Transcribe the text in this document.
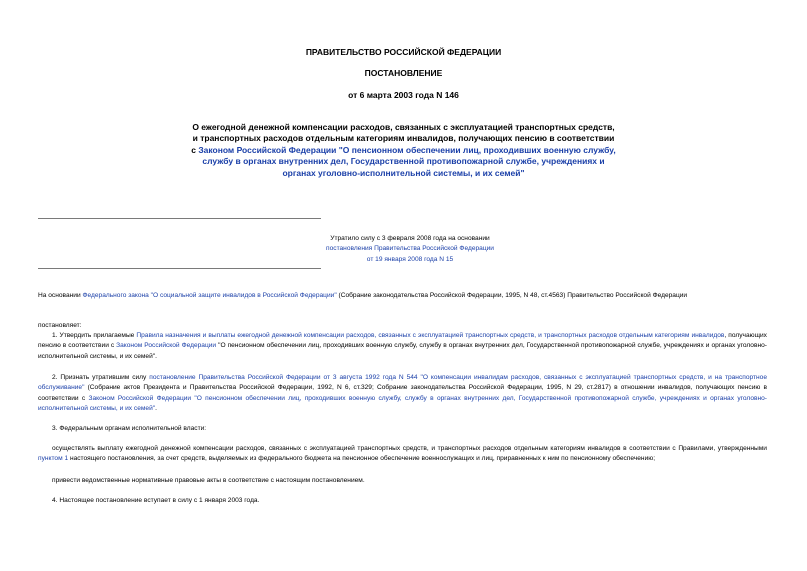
ПРАВИТЕЛЬСТВО РОССИЙСКОЙ ФЕДЕРАЦИИ
ПОСТАНОВЛЕНИЕ
от 6 марта 2003 года N 146
О ежегодной денежной компенсации расходов, связанных с эксплуатацией транспортных средств, и транспортных расходов отдельным категориям инвалидов, получающих пенсию в соответствии с Законом Российской Федерации "О пенсионном обеспечении лиц, проходивших военную службу, службу в органах внутренних дел, Государственной противопожарной службе, учреждениях и органах уголовно-исполнительной системы, и их семей"
Утратило силу с 3 февраля 2008 года на основании
постановления Правительства Российской Федерации
от 19 января 2008 года N 15
На основании Федерального закона "О социальной защите инвалидов в Российской Федерации" (Собрание законодательства Российской Федерации, 1995, N 48, ст.4563) Правительство Российской Федерации
постановляет:
1. Утвердить прилагаемые Правила назначения и выплаты ежегодной денежной компенсации расходов, связанных с эксплуатацией транспортных средств, и транспортных расходов отдельным категориям инвалидов, получающих пенсию в соответствии с Законом Российской Федерации "О пенсионном обеспечении лиц, проходивших военную службу, службу в органах внутренних дел, Государственной противопожарной службе, учреждениях и органах уголовно-исполнительной системы, и их семей".
2. Признать утратившим силу постановление Правительства Российской Федерации от 3 августа 1992 года N 544 "О компенсации инвалидам расходов, связанных с эксплуатацией транспортных средств, и на транспортное обслуживание" (Собрание актов Президента и Правительства Российской Федерации, 1992, N 6, ст.329; Собрание законодательства Российской Федерации, 1995, N 29, ст.2817) в отношении инвалидов, получающих пенсию в соответствии с Законом Российской Федерации "О пенсионном обеспечении лиц, проходивших военную службу, службу в органах внутренних дел, Государственной противопожарной службе, учреждениях и органах уголовно-исполнительной системы, и их семей".
3. Федеральным органам исполнительной власти:
осуществлять выплату ежегодной денежной компенсации расходов, связанных с эксплуатацией транспортных средств, и транспортных расходов отдельным категориям инвалидов в соответствии с Правилами, утвержденными пунктом 1 настоящего постановления, за счет средств, выделяемых из федерального бюджета на пенсионное обеспечение военнослужащих и лиц, приравненных к ним по пенсионному обеспечению;
привести ведомственные нормативные правовые акты в соответствие с настоящим постановлением.
4. Настоящее постановление вступает в силу с 1 января 2003 года.
